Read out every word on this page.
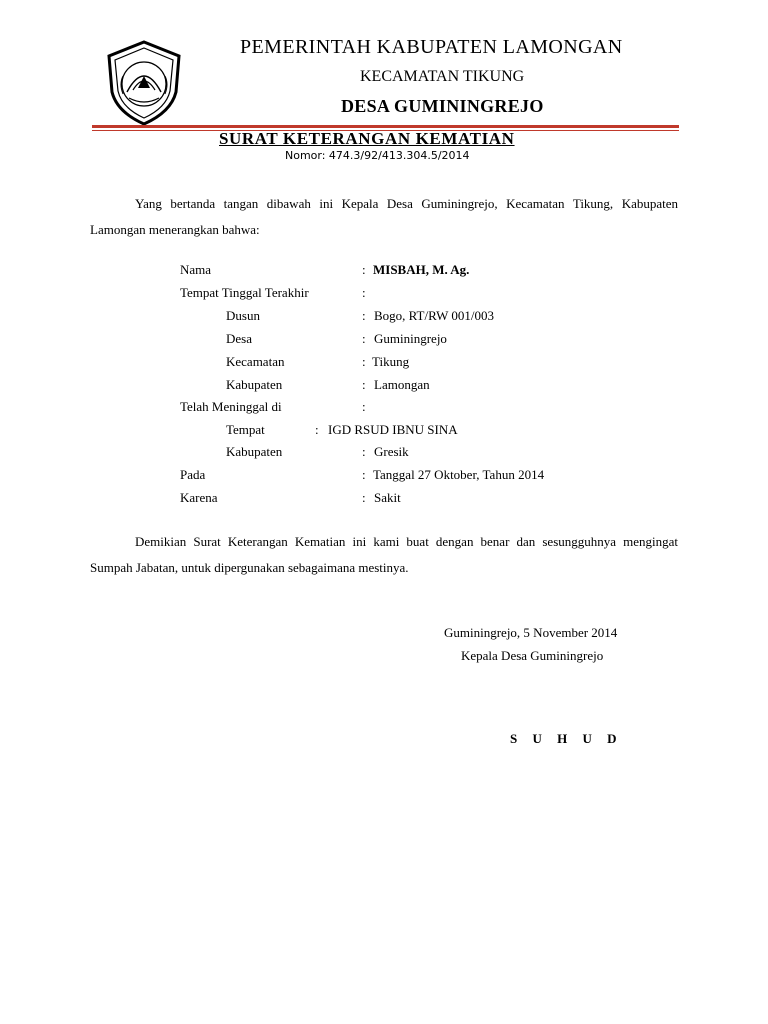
PEMERINTAH KABUPATEN LAMONGAN
KECAMATAN TIKUNG
DESA GUMININGREJO
SURAT KETERANGAN KEMATIAN
Nomor: 474.3/92/413.304.5/2014
Yang bertanda tangan dibawah ini Kepala Desa Guminingrejo, Kecamatan Tikung, Kabupaten Lamongan menerangkan bahwa:
Nama	: MISBAH, M. Ag.
Tempat Tinggal Terakhir	:
Dusun	: Bogo, RT/RW 001/003
Desa	: Guminingrejo
Kecamatan	: Tikung
Kabupaten	: Lamongan
Telah Meninggal di	:
Tempat	: IGD RSUD IBNU SINA
Kabupaten	: Gresik
Pada	: Tanggal 27 Oktober, Tahun 2014
Karena	: Sakit
Demikian Surat Keterangan Kematian ini kami buat dengan benar dan sesungguhnya mengingat Sumpah Jabatan, untuk dipergunakan sebagaimana mestinya.
Guminingrejo, 5 November 2014
Kepala Desa Guminingrejo
S U H U D
